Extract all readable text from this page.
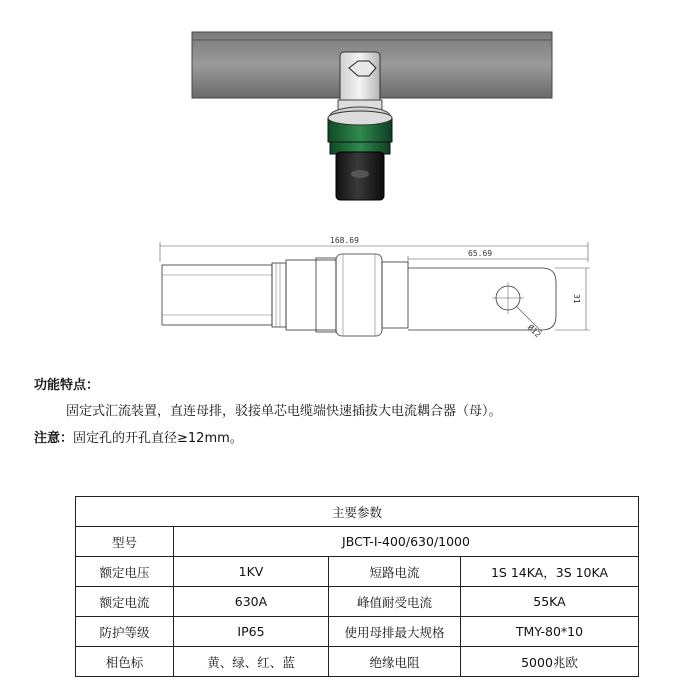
168.69
65.69
31
Ø12
功能特点：
固定式汇流装置，直连母排，驳接单芯电缆端快速插拔大电流耦合器（母）。
注意：固定孔的开孔直径≥12mm。
主要参数			
型号	JBCT-I-400/630/1000		
额定电压	1KV	短路电流	1S 14KA，3S 10KA
额定电流	630A	峰值耐受电流	55KA
防护等级	IP65	使用母排最大规格	TMY-80*10
相色标	黄、绿、红、蓝	绝缘电阻	5000兆欧
